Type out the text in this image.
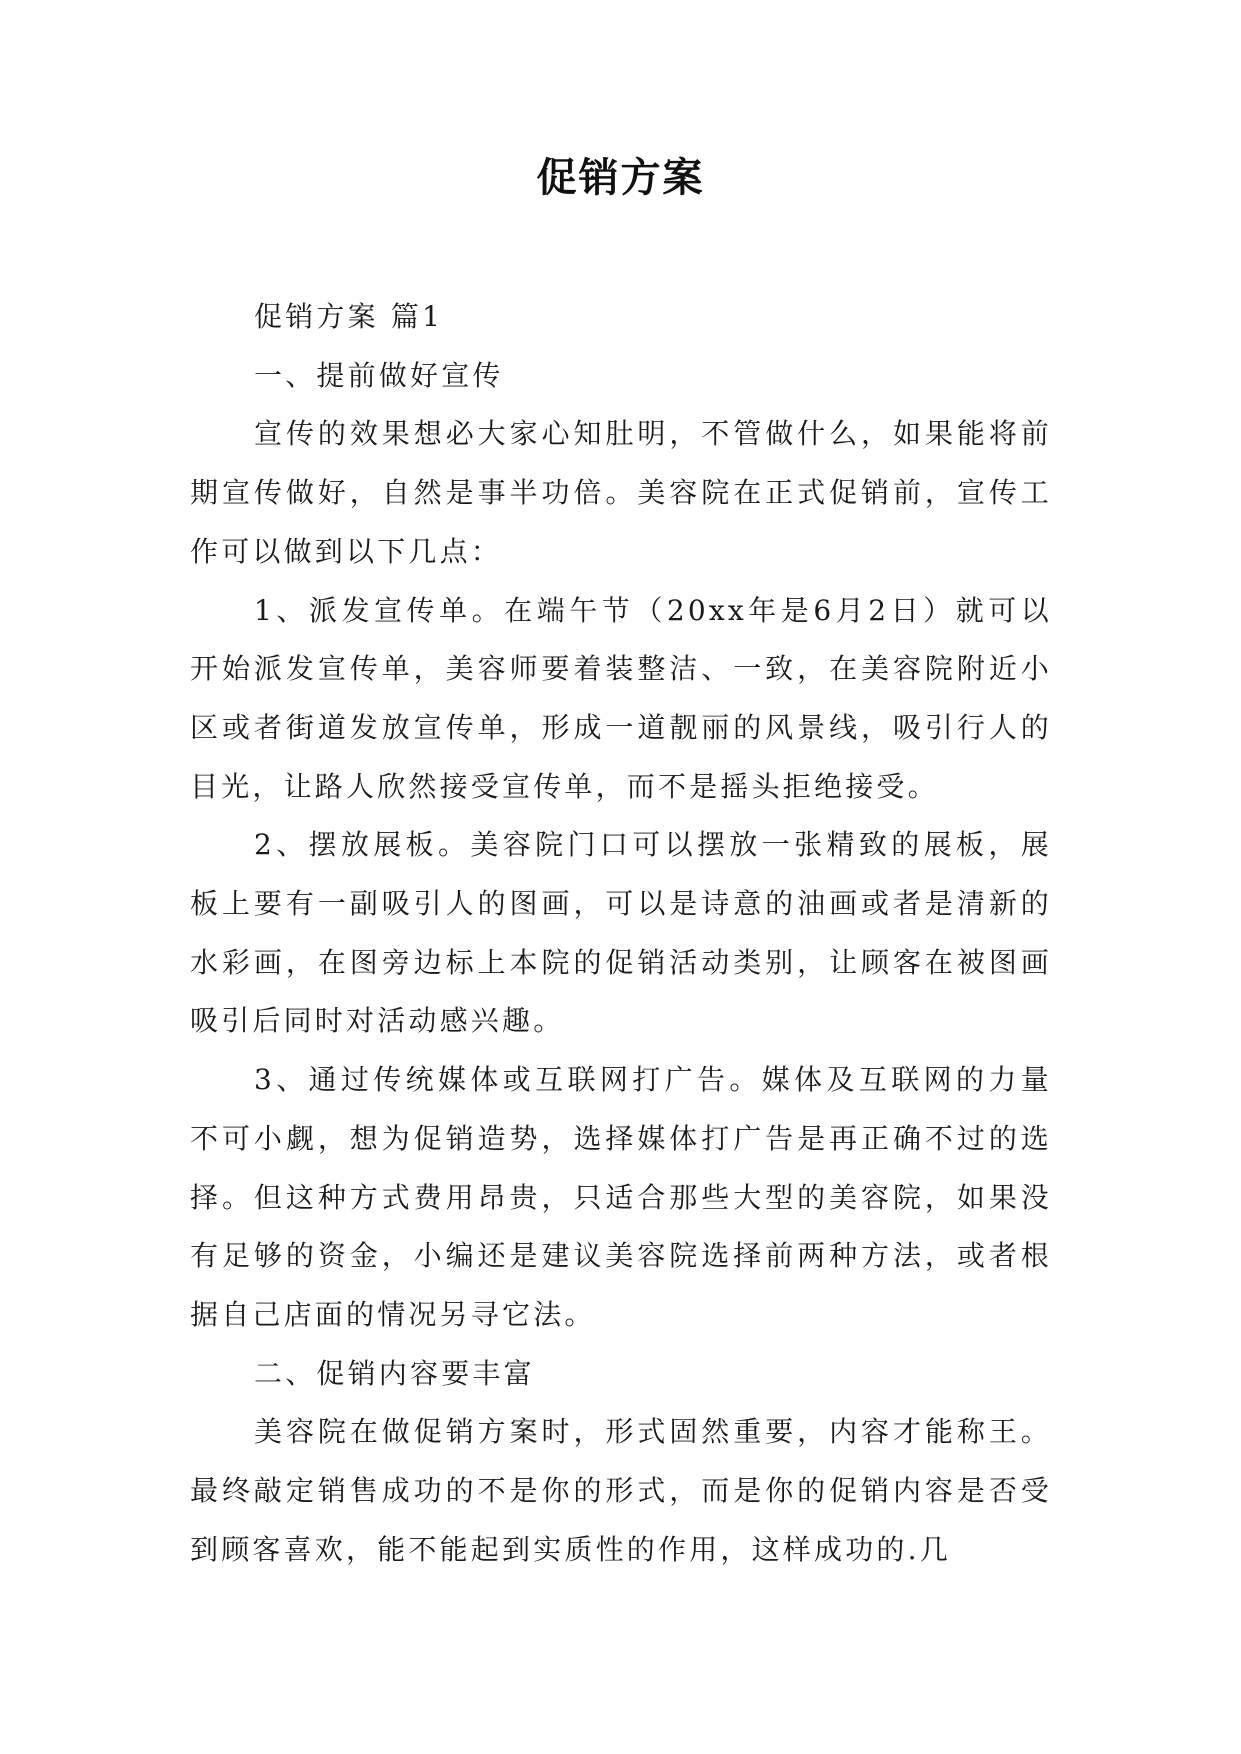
促销方案

促销方案 篇1

一、提前做好宣传

宣传的效果想必大家心知肚明，不管做什么，如果能将前期宣传做好，自然是事半功倍。美容院在正式促销前，宣传工作可以做到以下几点：

1、派发宣传单。在端午节（20xx年是6月2日）就可以开始派发宣传单，美容师要着装整洁、一致，在美容院附近小区或者街道发放宣传单，形成一道靓丽的风景线，吸引行人的目光，让路人欣然接受宣传单，而不是摇头拒绝接受。

2、摆放展板。美容院门口可以摆放一张精致的展板，展板上要有一副吸引人的图画，可以是诗意的油画或者是清新的水彩画，在图旁边标上本院的促销活动类别，让顾客在被图画吸引后同时对活动感兴趣。

3、通过传统媒体或互联网打广告。媒体及互联网的力量不可小觑，想为促销造势，选择媒体打广告是再正确不过的选择。但这种方式费用昂贵，只适合那些大型的美容院，如果没有足够的资金，小编还是建议美容院选择前两种方法，或者根据自己店面的情况另寻它法。

二、促销内容要丰富

美容院在做促销方案时，形式固然重要，内容才能称王。最终敲定销售成功的不是你的形式，而是你的促销内容是否受到顾客喜欢，能不能起到实质性的作用，这样成功的.几
